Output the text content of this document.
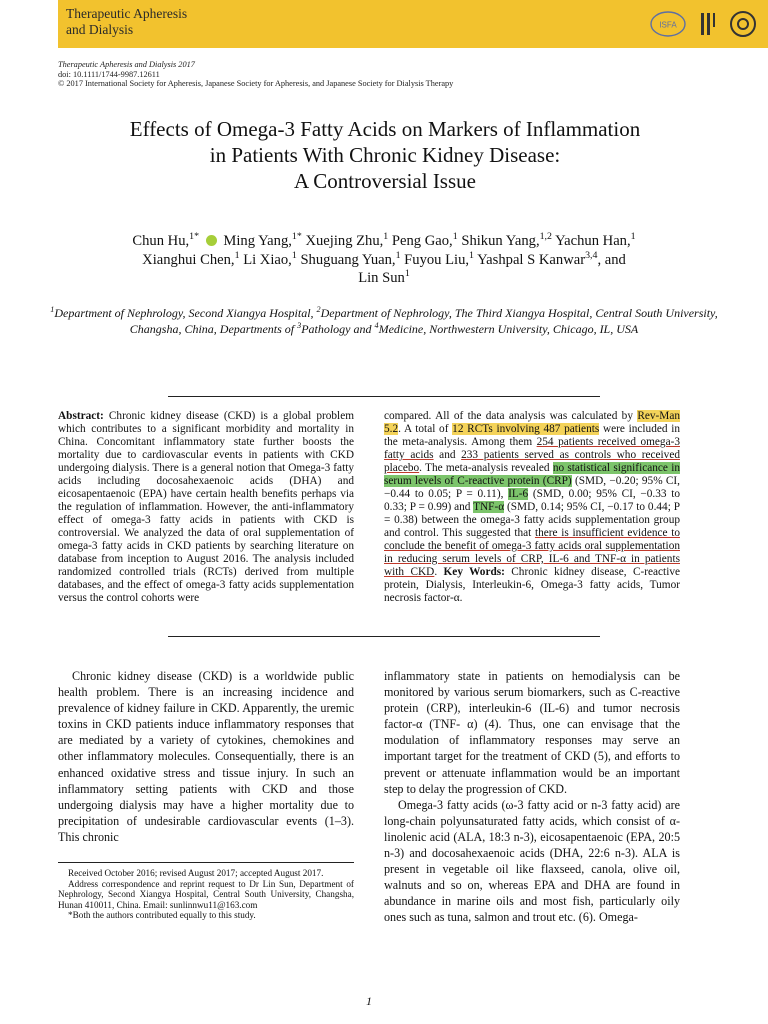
Therapeutic Apheresis
and Dialysis	ISFA
Therapeutic Apheresis and Dialysis 2017
doi: 10.1111/1744-9987.12611
© 2017 International Society for Apheresis, Japanese Society for Apheresis, and Japanese Society for Dialysis Therapy
Effects of Omega-3 Fatty Acids on Markers of Inflammation
in Patients With Chronic Kidney Disease:
A Controversial Issue
Chun Hu,$^{1*}$ Ming Yang,$^{1*}$ Xuejing Zhu,$^1$ Peng Gao,$^1$ Shikun Yang,$^{1,2}$ Yachun Han,$^1$
Xianghui Chen,$^1$ Li Xiao,$^1$ Shuguang Yuan,$^1$ Fuyou Liu,$^1$ Yashpal S Kanwar$^{3,4}$, and
Lin Sun$^1$
$^1$Department of Nephrology, Second Xiangya Hospital, $^2$Department of Nephrology, The Third Xiangya Hospital, Central South University, Changsha, China, Departments of $^3$Pathology and $^4$Medicine, Northwestern University, Chicago, IL, USA
Abstract: Chronic kidney disease (CKD) is a global problem which contributes to a significant morbidity and mortality in China. Concomitant inflammatory state further boosts the mortality due to cardiovascular events in patients with CKD undergoing dialysis. There is a general notion that Omega-3 fatty acids including docosahexaenoic acids (DHA) and eicosapentaenoic (EPA) have certain health benefits perhaps via the regulation of inflammation. However, the anti-inflammatory effect of omega-3 fatty acids in patients with CKD is controversial. We analyzed the data of oral supplementation of omega-3 fatty acids in CKD patients by searching literature on database from inception to August 2016. The analysis included randomized controlled trials (RCTs) derived from multiple databases, and the effect of omega-3 fatty acids supplementation versus the control cohorts were
compared. All of the data analysis was calculated by Rev-Man 5.2. A total of 12 RCTs involving 487 patients were included in the meta-analysis. Among them 254 patients received omega-3 fatty acids and 233 patients served as controls who received placebo. The meta-analysis revealed no statistical significance in serum levels of C-reactive protein (CRP) (SMD, −0.20; 95% CI, −0.44 to 0.05; P = 0.11), IL-6 (SMD, 0.00; 95% CI, −0.33 to 0.33; P = 0.99) and TNF-α (SMD, 0.14; 95% CI, −0.17 to 0.44; P = 0.38) between the omega-3 fatty acids supplementation group and control. This suggested that there is insufficient evidence to conclude the benefit of omega-3 fatty acids oral supplementation in reducing serum levels of CRP, IL-6 and TNF-α in patients with CKD. Key Words: Chronic kidney disease, C-reactive protein, Dialysis, Interleukin-6, Omega-3 fatty acids, Tumor necrosis factor-α.

Chronic kidney disease (CKD) is a worldwide public health problem. There is an increasing incidence and prevalence of kidney failure in CKD. Apparently, the uremic toxins in CKD patients induce inflammatory responses that are mediated by a variety of cytokines, chemokines and other inflammatory molecules. Consequentially, there is an enhanced oxidative stress and tissue injury. In such an inflammatory setting patients with CKD and those undergoing dialysis may have a higher mortality due to precipitation of undesirable cardiovascular events (1–3). This chronic

inflammatory state in patients on hemodialysis can be monitored by various serum biomarkers, such as C-reactive protein (CRP), interleukin-6 (IL-6) and tumor necrosis factor-α (TNF- α) (4). Thus, one can envisage that the modulation of inflammatory responses may serve an important target for the treatment of CKD (5), and efforts to prevent or attenuate inflammation would be an important step to delay the progression of CKD.

Omega-3 fatty acids (ω-3 fatty acid or n-3 fatty acid) are long-chain polyunsaturated fatty acids, which consist of α-linolenic acid (ALA, 18:3 n-3), eicosapentaenoic (EPA, 20:5 n-3) and docosahexaenoic acids (DHA, 22:6 n-3). ALA is present in vegetable oil like flaxseed, canola, olive oil, walnuts and so on, whereas EPA and DHA are found in abundance in marine oils and most fish, particularly oily ones such as tuna, salmon and trout etc. (6). Omega-

Received October 2016; revised August 2017; accepted August 2017.

Address correspondence and reprint request to Dr Lin Sun, Department of Nephrology, Second Xiangya Hospital, Central South University, Changsha, Hunan 410011, China. Email: sunlinnwu11@163.com

*Both the authors contributed equally to this study.

1
